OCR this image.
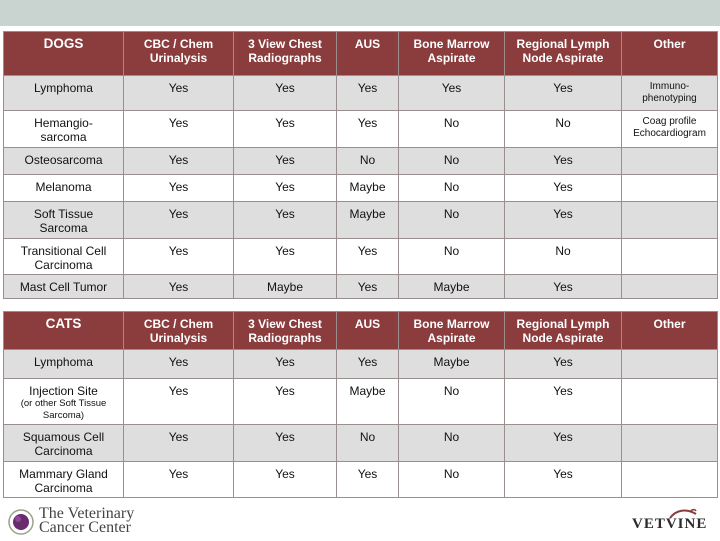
DOGS	CBC / Chem Urinalysis	3 View Chest Radiographs	AUS	Bone Marrow Aspirate	Regional Lymph Node Aspirate	Other
Lymphoma	Yes	Yes	Yes	Yes	Yes	Immuno-
phenotyping
Hemangio-
sarcoma	Yes	Yes	Yes	No	No	Coag profile
Echocardiogram
Osteosarcoma	Yes	Yes	No	No	Yes	
Melanoma	Yes	Yes	Maybe	No	Yes	
Soft Tissue
Sarcoma	Yes	Yes	Maybe	No	Yes	
Transitional Cell
Carcinoma	Yes	Yes	Yes	No	No	
Mast Cell Tumor	Yes	Maybe	Yes	Maybe	Yes	
CATS	CBC / Chem Urinalysis	3 View Chest Radiographs	AUS	Bone Marrow Aspirate	Regional Lymph Node Aspirate	Other
Lymphoma	Yes	Yes	Yes	Maybe	Yes	
Injection Site
(or other Soft Tissue
Sarcoma)	Yes	Yes	Maybe	No	Yes	
Squamous Cell
Carcinoma	Yes	Yes	No	No	Yes	
Mammary Gland
Carcinoma	Yes	Yes	Yes	No	Yes	
The Veterinary
Cancer Center	VETVINE
